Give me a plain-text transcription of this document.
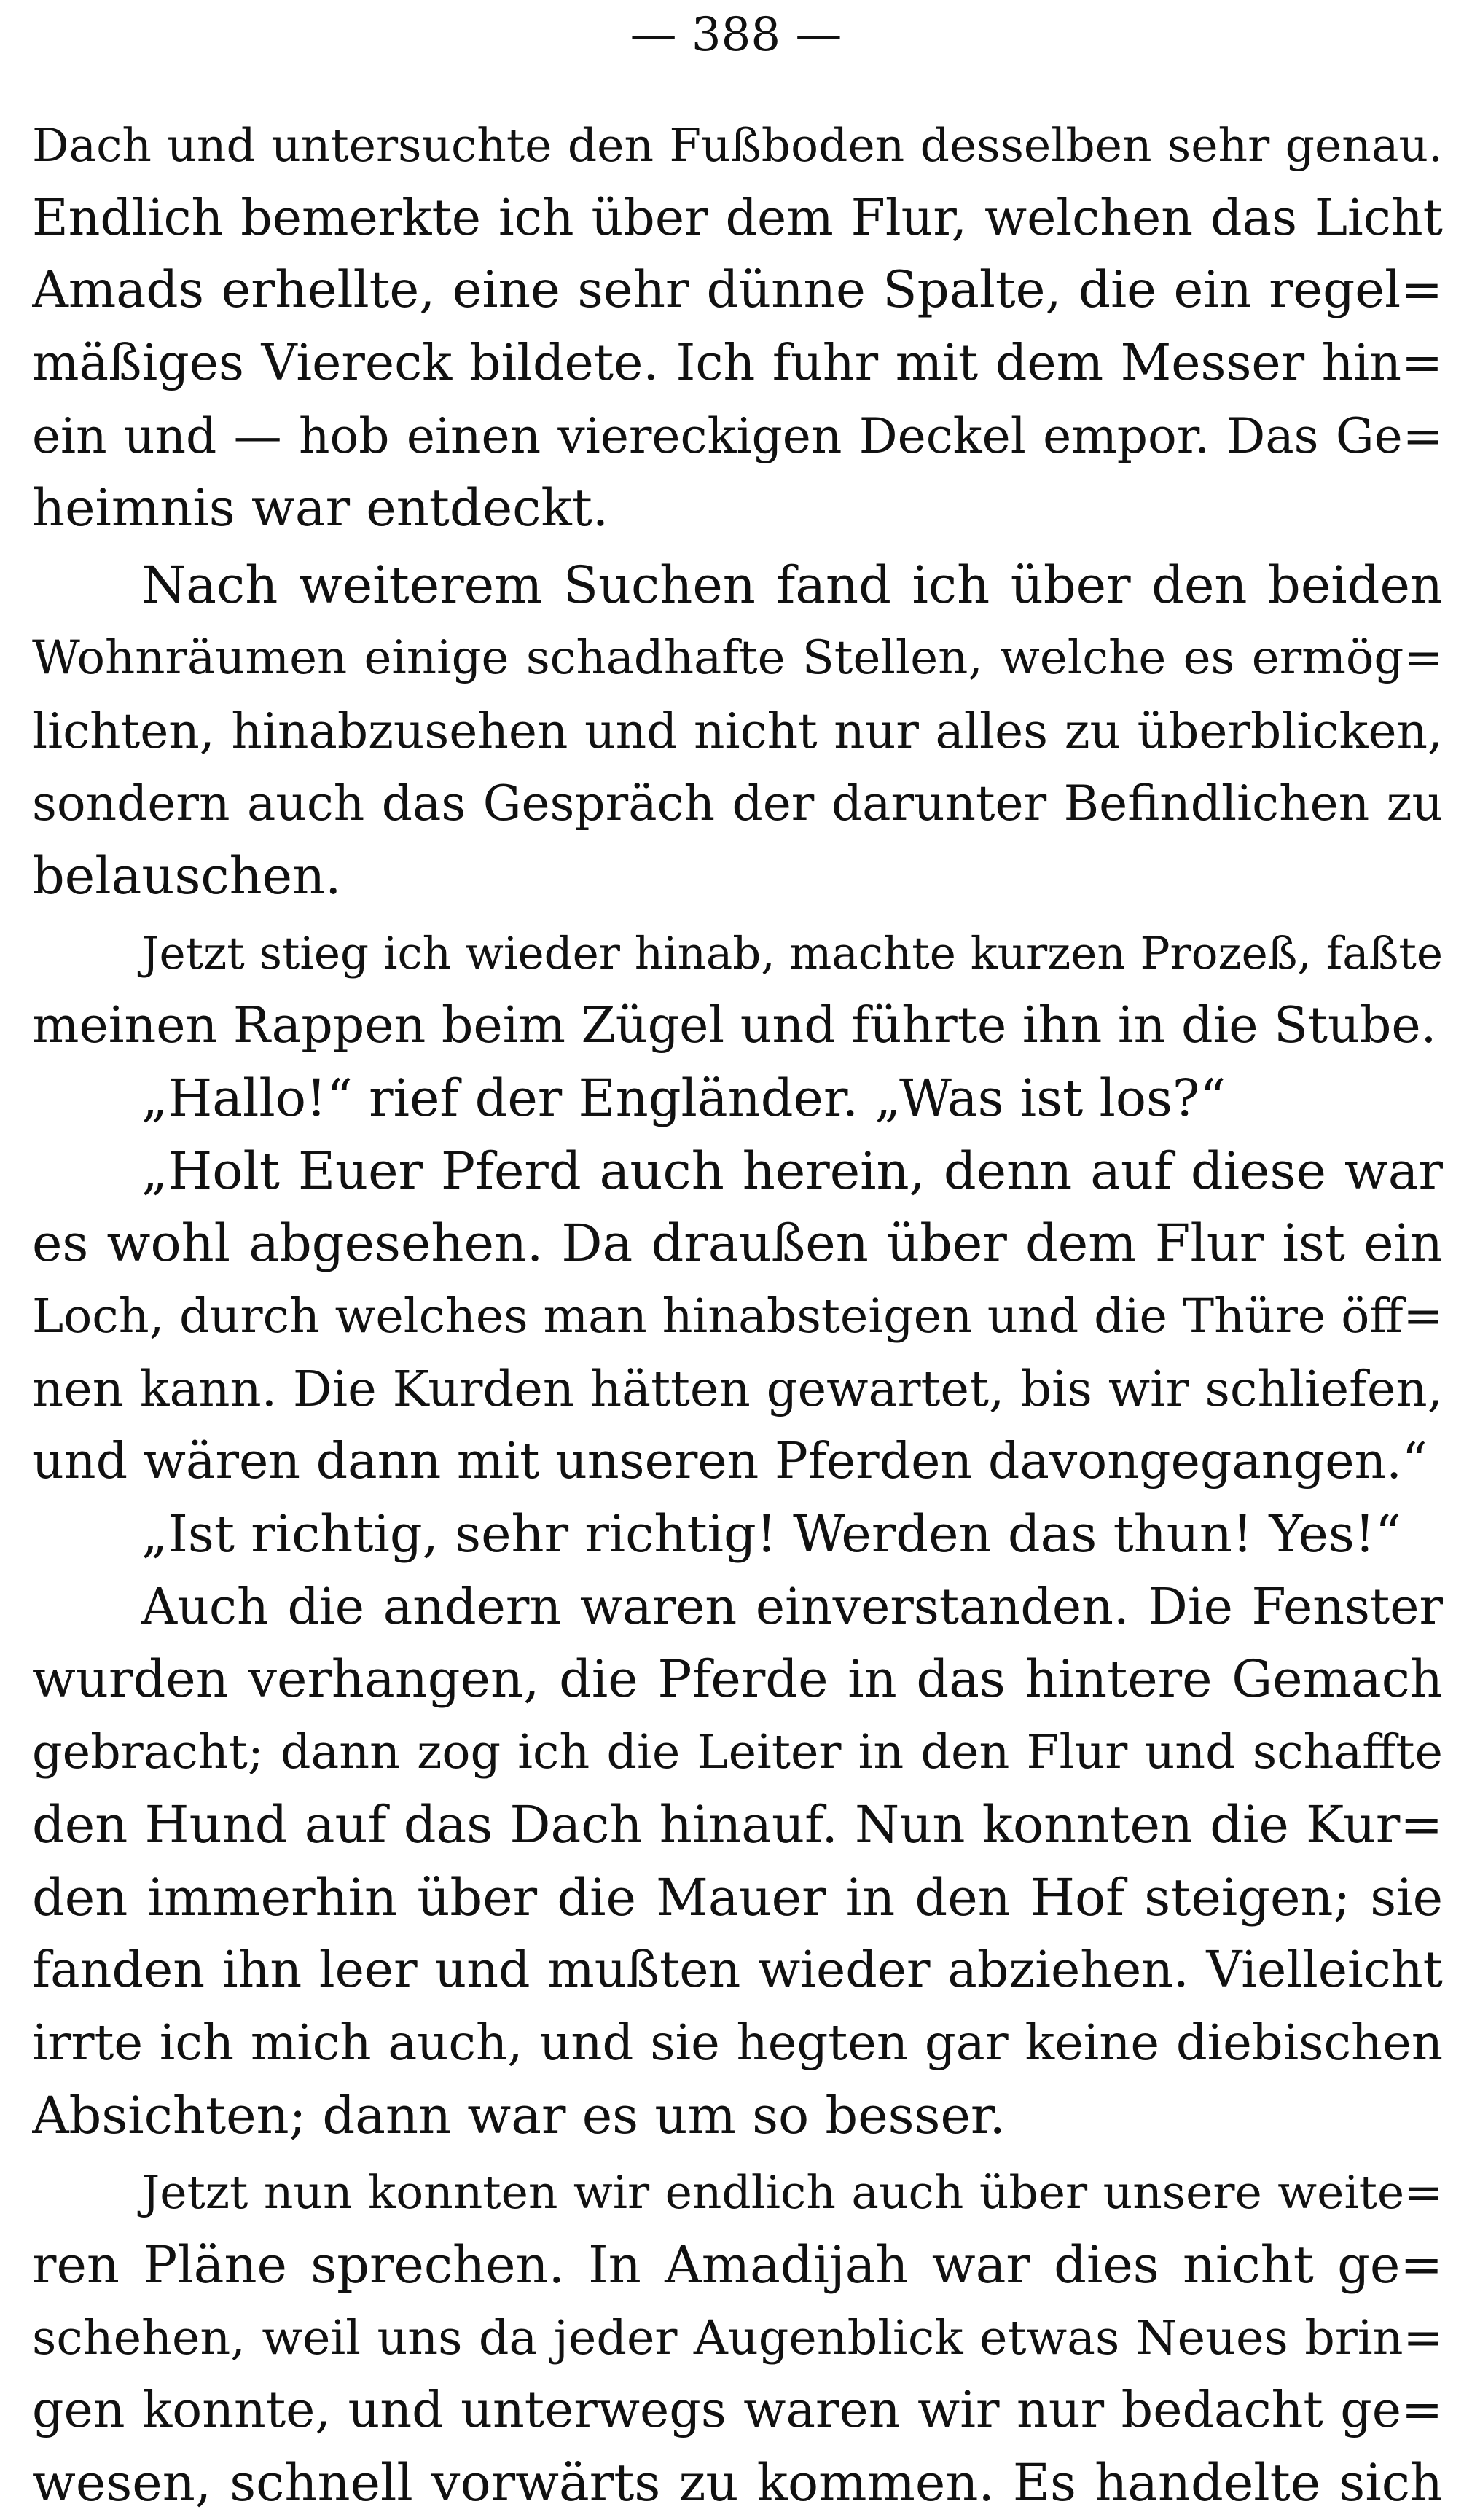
— 388 —
Dach und untersuchte den Fußboden desselben sehr genau.
Endlich bemerkte ich über dem Flur, welchen das Licht
Amads erhellte, eine sehr dünne Spalte, die ein regel=
mäßiges Viereck bildete. Ich fuhr mit dem Messer hin=
ein und — hob einen viereckigen Deckel empor. Das Ge=
heimnis war entdeckt.
Nach weiterem Suchen fand ich über den beiden
Wohnräumen einige schadhafte Stellen, welche es ermög=
lichten, hinabzusehen und nicht nur alles zu überblicken,
sondern auch das Gespräch der darunter Befindlichen zu
belauschen.
Jetzt stieg ich wieder hinab, machte kurzen Prozeß, faßte
meinen Rappen beim Zügel und führte ihn in die Stube.
„Hallo!“ rief der Engländer. „Was ist los?“
„Holt Euer Pferd auch herein, denn auf diese war
es wohl abgesehen. Da draußen über dem Flur ist ein
Loch, durch welches man hinabsteigen und die Thüre öff=
nen kann. Die Kurden hätten gewartet, bis wir schliefen,
und wären dann mit unseren Pferden davongegangen.“
„Ist richtig, sehr richtig! Werden das thun! Yes!“
Auch die andern waren einverstanden. Die Fenster
wurden verhangen, die Pferde in das hintere Gemach
gebracht; dann zog ich die Leiter in den Flur und schaffte
den Hund auf das Dach hinauf. Nun konnten die Kur=
den immerhin über die Mauer in den Hof steigen; sie
fanden ihn leer und mußten wieder abziehen. Vielleicht
irrte ich mich auch, und sie hegten gar keine diebischen
Absichten; dann war es um so besser.
Jetzt nun konnten wir endlich auch über unsere weite=
ren Pläne sprechen. In Amadijah war dies nicht ge=
schehen, weil uns da jeder Augenblick etwas Neues brin=
gen konnte, und unterwegs waren wir nur bedacht ge=
wesen, schnell vorwärts zu kommen. Es handelte sich
